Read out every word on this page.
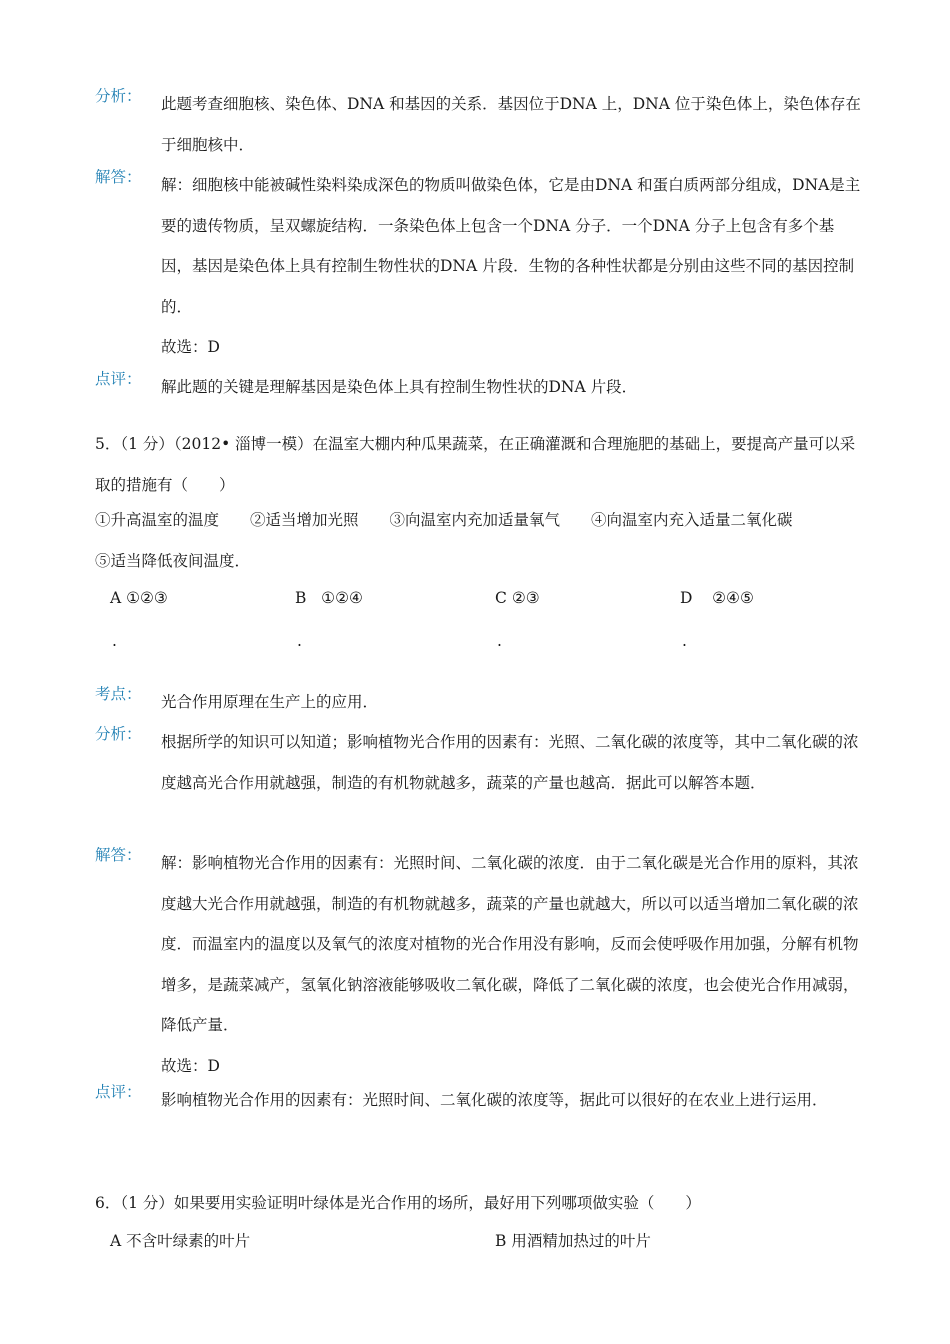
分析：	此题考查细胞核、染色体、DNA 和基因的关系．基因位于DNA 上，DNA 位于染色体上，染色体存在于细胞核中．

解答：	解：细胞核中能被碱性染料染成深色的物质叫做染色体，它是由DNA 和蛋白质两部分组成，DNA是主要的遗传物质，呈双螺旋结构．一条染色体上包含一个DNA 分子．一个DNA 分子上包含有多个基因，基因是染色体上具有控制生物性状的DNA 片段．生物的各种性状都是分别由这些不同的基因控制的．

故选：D

点评：	解此题的关键是理解基因是染色体上具有控制生物性状的DNA 片段．

5．（1 分）（2012• 淄博一模）在温室大棚内种瓜果蔬菜，在正确灌溉和合理施肥的基础上，要提高产量可以采取的措施有（　　）

①升高温室的温度　　②适当增加光照　　③向温室内充加适量氧气　　④向温室内充入适量二氧化碳
⑤适当降低夜间温度．
A ①②③	B ①②④	C ②③	D ②④⑤
.	.	.	.
考点：	光合作用原理在生产上的应用．

分析：	根据所学的知识可以知道；影响植物光合作用的因素有：光照、二氧化碳的浓度等，其中二氧化碳的浓度越高光合作用就越强，制造的有机物就越多，蔬菜的产量也越高．据此可以解答本题．

解答：	解：影响植物光合作用的因素有：光照时间、二氧化碳的浓度．由于二氧化碳是光合作用的原料，其浓度越大光合作用就越强，制造的有机物就越多，蔬菜的产量也就越大，所以可以适当增加二氧化碳的浓度．而温室内的温度以及氧气的浓度对植物的光合作用没有影响，反而会使呼吸作用加强，分解有机物增多，是蔬菜减产，氢氧化钠溶液能够吸收二氧化碳，降低了二氧化碳的浓度，也会使光合作用减弱，降低产量．

故选：D

点评：	影响植物光合作用的因素有：光照时间、二氧化碳的浓度等，据此可以很好的在农业上进行运用．

6．（1 分）如果要用实验证明叶绿体是光合作用的场所，最好用下列哪项做实验（　　）

A 不含叶绿素的叶片	B 用酒精加热过的叶片
